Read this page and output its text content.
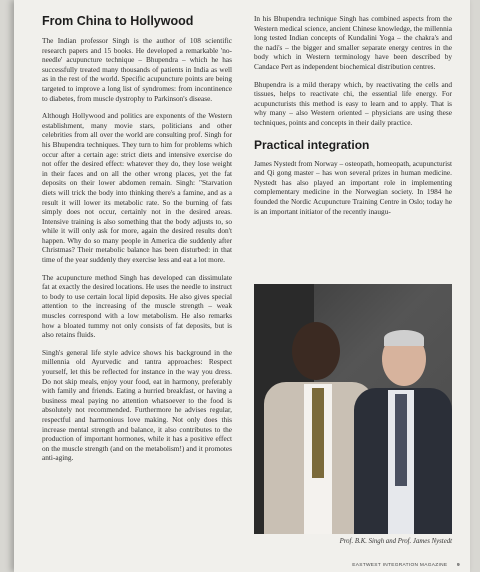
From China to Hollywood

The Indian professor Singh is the author of 108 scientific research papers and 15 books. He developed a remarkable 'no-needle' acupuncture technique – Bhupendra – which he has successfully treated many thousands of patients in India as well as in the rest of the world. Specific acupuncture points are being targeted to improve a long list of syndromes: from incontinence to diabetes, from muscle dystrophy to Parkinson's disease.

Although Hollywood and politics are exponents of the Western establishment, many movie stars, politicians and other celebrities from all over the world are consulting prof. Singh for his Bhupendra techniques. They turn to him for problems which occur after a certain age: strict diets and intensive exercise do not offer the desired effect: whatever they do, they lose weight in their faces and on all the other wrong places, yet the fat deposits on their lower abdomen remain. Singh: "Starvation diets will trick the body into thinking there's a famine, and as a result it will lower its metabolic rate. So the burning of fats simply does not occur, certainly not in the desired areas. Intensive training is also something that the body adjusts to, so while it will only ask for more, again the desired results don't happen. Why do so many people in America die suddenly after Christmas? Their metabolic balance has been disturbed: in that time of the year suddenly they exercise less and eat a lot more.

The acupuncture method Singh has developed can dissimulate fat at exactly the desired locations. He uses the needle to instruct to body to use certain local lipid deposits. He also gives special attention to the increasing of the muscle strength – weak muscles correspond with a low metabolism. He also remarks how a bloated tummy not only consists of fat deposits, but is also retains fluids.

Singh's general life style advice shows his background in the millennia old Ayurvedic and tantra approaches: Respect yourself, let this be reflected for instance in the way you dress. Do not skip meals, enjoy your food, eat in harmony, preferably with family and friends. Eating a hurried breakfast, or having a business meal paying no attention whatsoever to the food is absolutely not recommended. Furthermore he advises regular, respectful and harmonious love making. Not only does this increase mental strength and balance, it also contributes to the production of important hormones, while it has a positive effect on the muscle strength (and on the metabolism!) and it promotes anti-aging.

In his Bhupendra technique Singh has combined aspects from the Western medical science, ancient Chinese knowledge, the millennia long tested Indian concepts of Kundalini Yoga – the chakra's and the nadi's – the bigger and smaller separate energy centres in the body which in Western terminology have been described by Candace Pert as independent biochemical distribution centres.

Bhupendra is a mild therapy which, by reactivating the cells and tissues, helps to reactivate chi, the essential life energy. For acupuncturists this method is easy to learn and to apply. That is why many – also Western oriented – physicians are using these techniques, points and concepts in their daily practice.

Practical integration

James Nystedt from Norway – osteopath, homeopath, acupuncturist and Qi gong master – has won several prizes in human medicine. Nystedt has also played an important role in implementing complementary medicine in the Norwegian society. In 1984 he founded the Nordic Acupuncture Training Centre in Oslo; today he is an important initiator of the recently inaugu-

Prof. B.K. Singh and Prof. James Nystedt
EASTWEST INTEGRATION MAGAZINE 9
